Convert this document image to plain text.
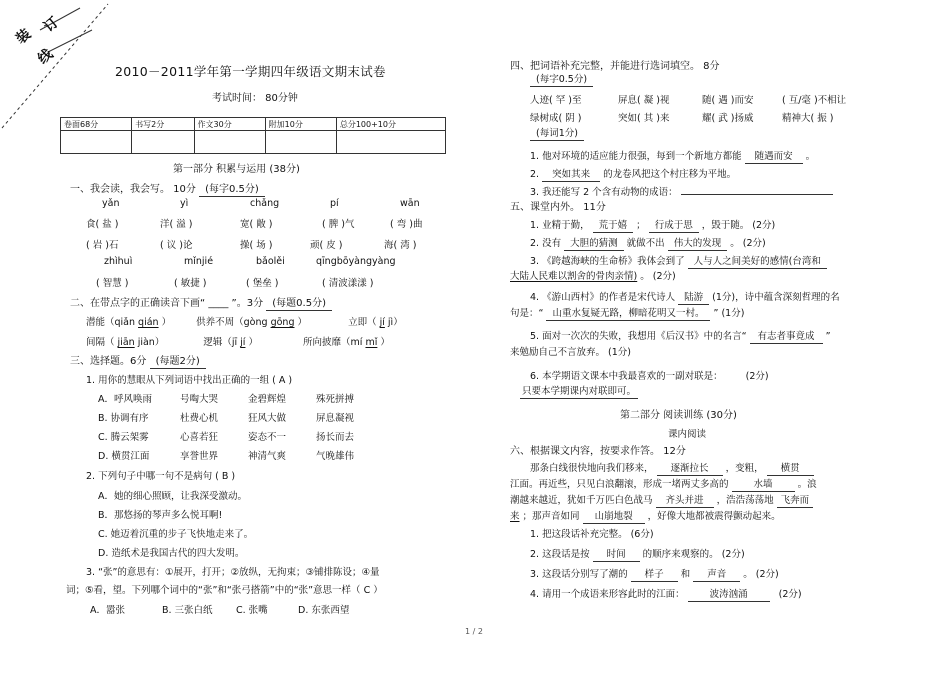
装
订
线
2010－2011学年第一学期四年级语文期末试卷
考试时间： 80分钟
卷面68分	书写2分	作文30分	附加10分	总分100+10分

第一部分 积累与运用 (38分)
一、我会读，我会写。 10分 (每字0.5分)
yǎn	yì	chǎng	pí	wān
食( 盐 )	洋( 溢 )	宽( 敞 )	( 脾 )气	( 弯 )曲
( 岩 )石	( 议 )论	操( 场 )	顽( 皮 )	海( 湾 )
zhìhuì	mǐnjié	bǎolěi	qīngbōyàngyàng
( 智慧 )	( 敏捷 )	( 堡垒 )	( 清波漾漾 )
二、在带点字的正确读音下画“ ____ ”。3分 (每题0.5分)
潜能（qiǎn qián ）	供养不周（gòng gōng ）	立即（ jí jì）
间隔（ jiān jiàn）	逻辑（jī jí ）	所向披靡（mí mǐ ）
三、选择题。6分 (每题2分)
1. 用你的慧眼从下列词语中找出正确的一组 ( A )
A．呼风唤雨	号啕大哭	金碧辉煌	殊死拼搏
B. 协调有序	杜费心机	狂风大做	屏息凝视
C. 腾云架雾	心喜若狂	姿态不一	扬长而去
D. 横贯江面	享誉世界	神清气爽	气晚雄伟
2. 下列句子中哪一句不是病句 ( B )
A．她的细心照顾，让我深受激动。
B．那悠扬的琴声多么悦耳啊!
C. 她迈着沉重的步子飞快地走来了。
D. 造纸术是我国古代的四大发明。
3. “张”的意思有：①展开，打开；②放纵，无拘束；③铺排陈设；④量
词；⑤看，望。下列哪个词中的“张”和“张弓搭箭”中的“张”意思一样（ C ）
A．嚣张	B. 三张白纸 C. 张嘴	D. 东张西望
四、把词语补充完整，并能进行选词填空。 8分
(每字0.5分)
人迹( 罕 )至	屏息( 凝 )视	随( 遇 )而安	( 互/毫 )不相让
绿树成( 阴 )	突如( 其 )来	耀( 武 )扬威	精神大( 振 )
(每词1分)
1. 他对环境的适应能力很强，每到一个新地方都能 随遇而安 。
2. 突如其来 的龙卷风把这个村庄移为平地。
3. 我还能写 2 个含有动物的成语：
五、课堂内外。 11分
1. 业精于勤， 荒于嬉 ； 行成于思 ，毁于随。 (2分)
2. 没有 大胆的猜测 就做不出 伟大的发现 。 (2分)
3. 《跨越海峡的生命桥》我体会到了 人与人之间美好的感情(台湾和
大陆人民难以割舍的骨肉亲情) 。 (2分)
4. 《游山西村》的作者是宋代诗人 陆游 (1分)，诗中蕴含深刻哲理的名
句是：“ 山重水复疑无路，柳暗花明又一村。 ” (1分)
5. 面对一次次的失败，我想用《后汉书》中的名言“ 有志者事竟成 ”
来勉励自己不言放弃。 (1分)
6. 本学期语文课本中我最喜欢的一副对联是： (2分)
只要本学期课内对联即可。
第二部分 阅读训练 (30分)
课内阅读
六、根据课文内容，按要求作答。 12分
那条白线很快地向我们移来， 逐渐拉长 ，变粗， 横贯
江面。再近些，只见白浪翻滚，形成一堵两丈多高的	水墙	。浪
潮越来越近，犹如千万匹白色战马 齐头并进 ，浩浩荡荡地 飞奔而
来 ；那声音如同 山崩地裂 ，好像大地都被震得颤动起来。
1. 把这段话补充完整。 (6分)
2. 这段话是按 时间 的顺序来观察的。 (2分)
3. 这段话分别写了潮的 样子 和 声音 。 (2分)
4. 请用一个成语来形容此时的江面：	波涛汹涌	(2分)
1 / 2
